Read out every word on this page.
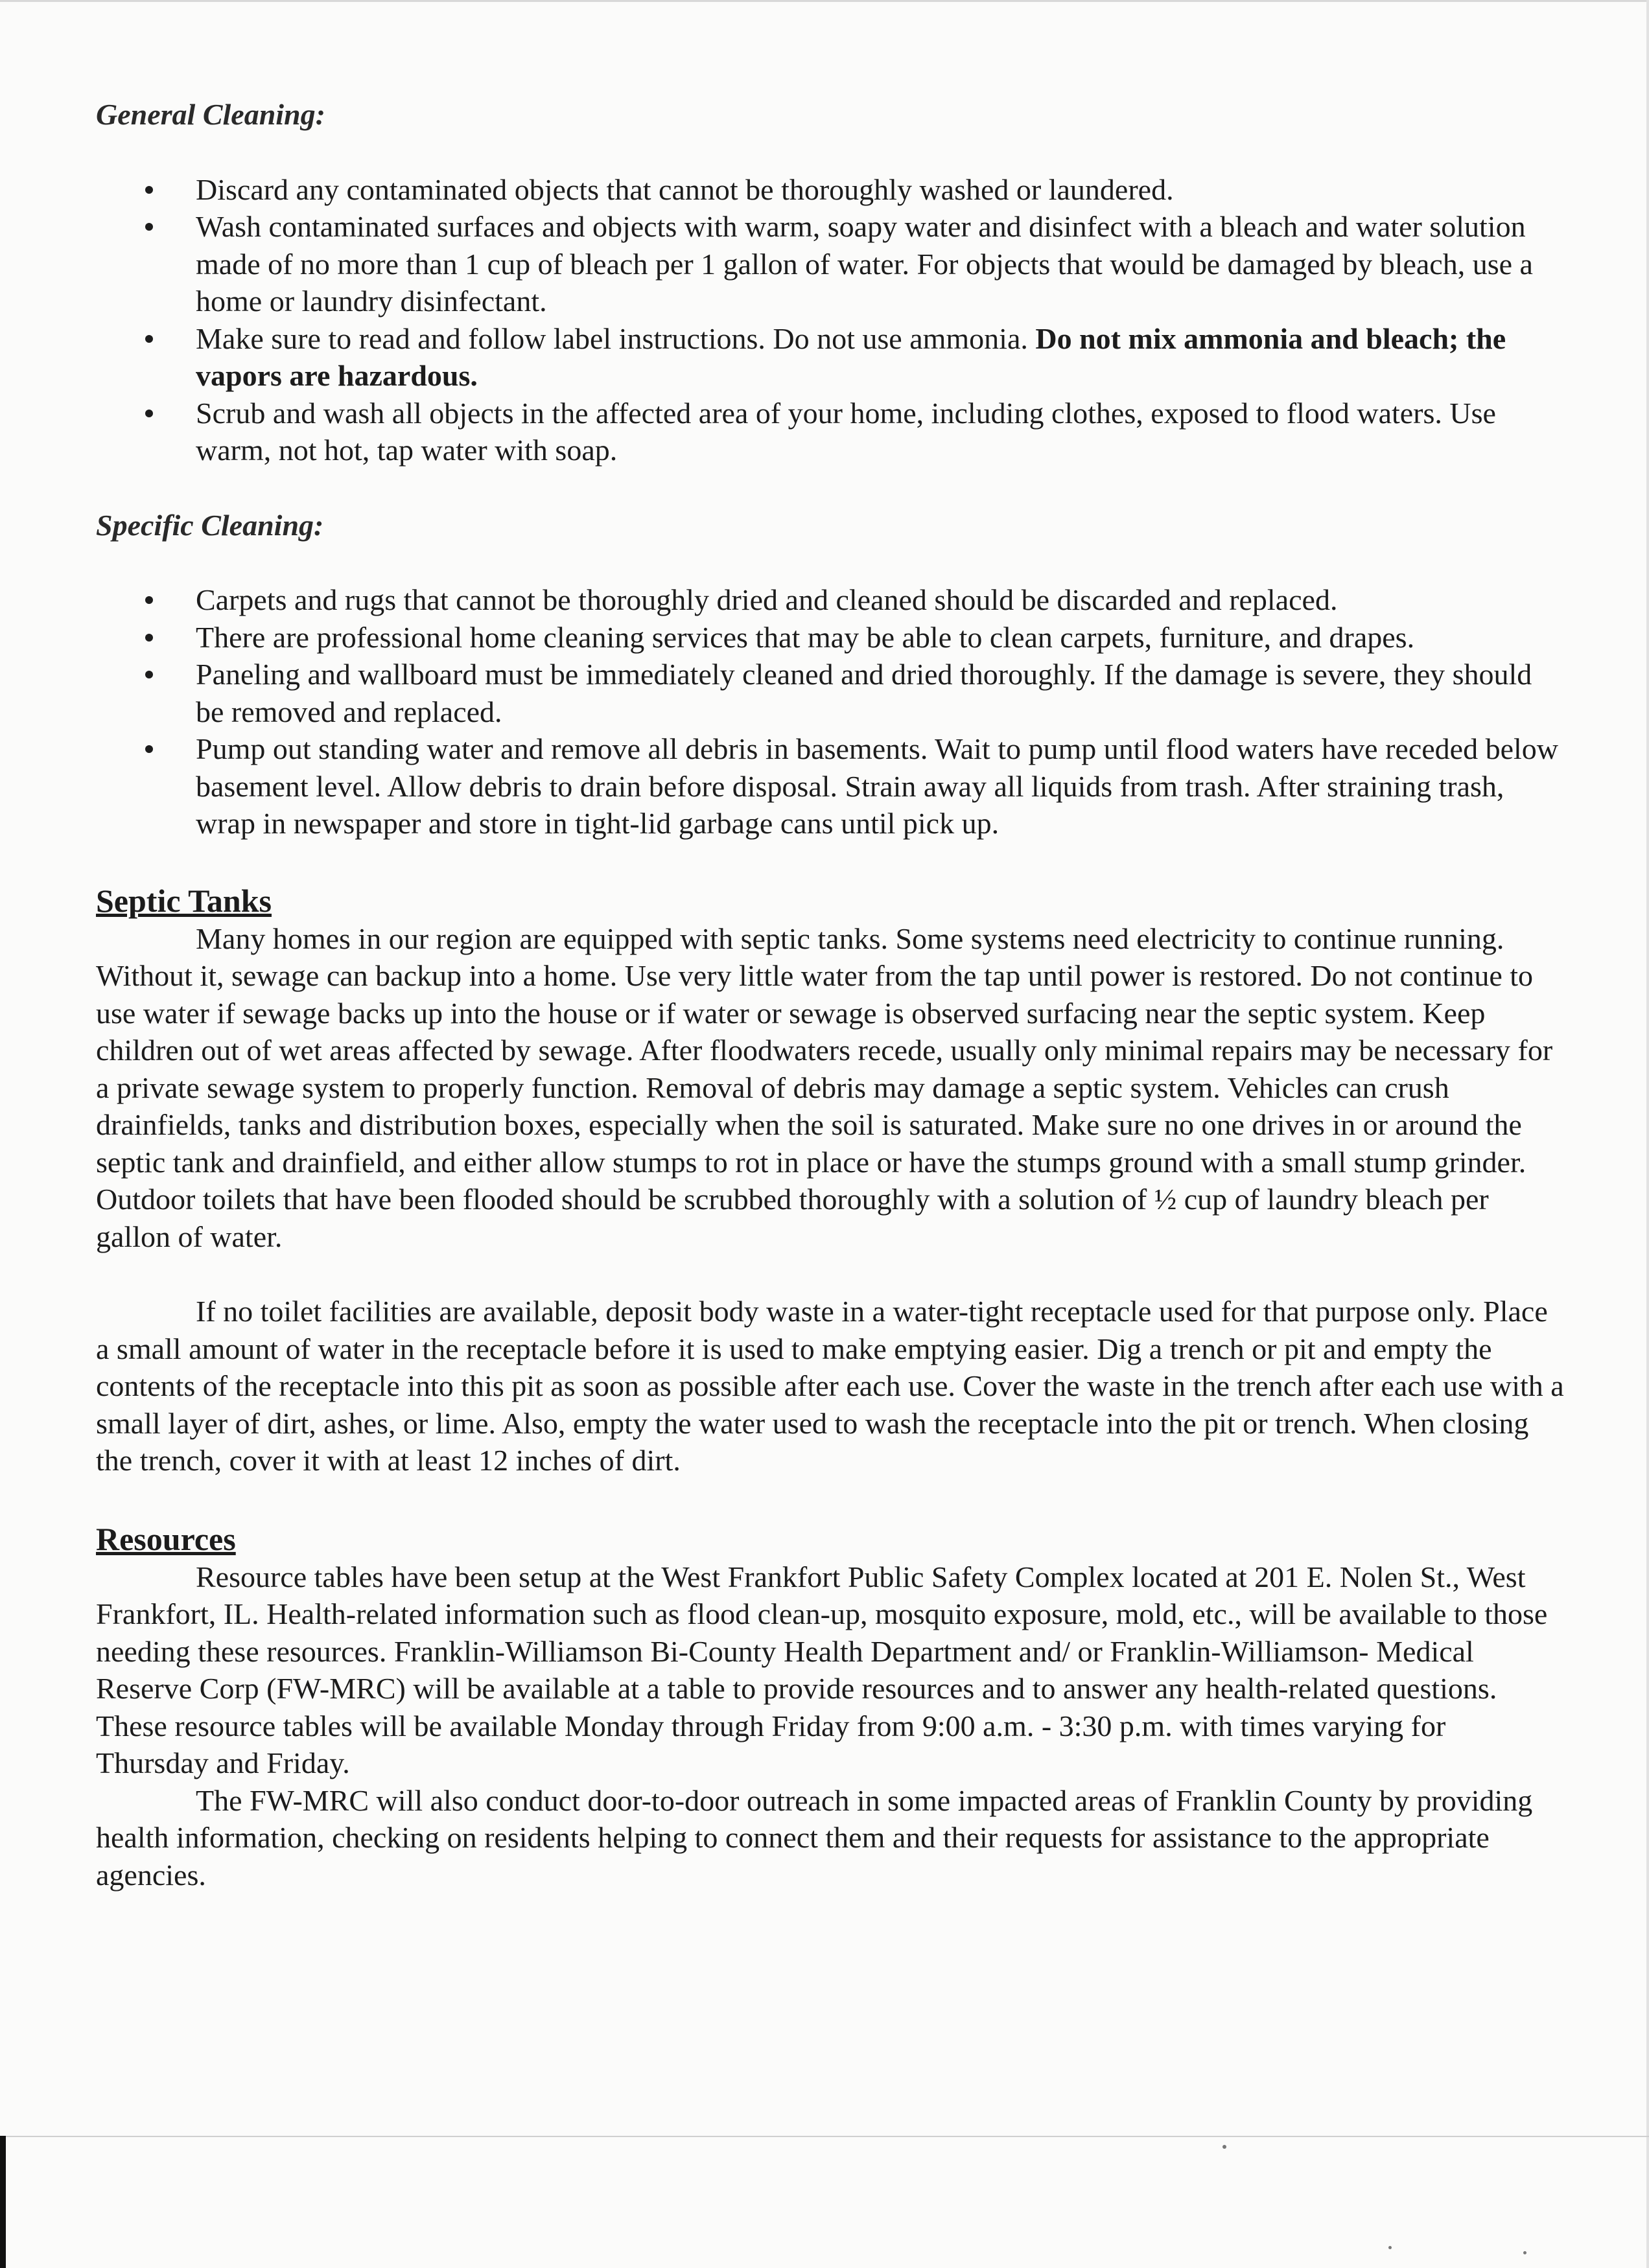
General Cleaning:

Discard any contaminated objects that cannot be thoroughly washed or laundered.
Wash contaminated surfaces and objects with warm, soapy water and disinfect with a bleach and water solution made of no more than 1 cup of bleach per 1 gallon of water. For objects that would be damaged by bleach, use a home or laundry disinfectant.
Make sure to read and follow label instructions. Do not use ammonia. Do not mix ammonia and bleach; the vapors are hazardous.
Scrub and wash all objects in the affected area of your home, including clothes, exposed to flood waters. Use warm, not hot, tap water with soap.

Specific Cleaning:

Carpets and rugs that cannot be thoroughly dried and cleaned should be discarded and replaced.
There are professional home cleaning services that may be able to clean carpets, furniture, and drapes.
Paneling and wallboard must be immediately cleaned and dried thoroughly. If the damage is severe, they should be removed and replaced.
Pump out standing water and remove all debris in basements. Wait to pump until flood waters have receded below basement level. Allow debris to drain before disposal. Strain away all liquids from trash. After straining trash, wrap in newspaper and store in tight-lid garbage cans until pick up.

Septic Tanks

Many homes in our region are equipped with septic tanks. Some systems need electricity to continue running. Without it, sewage can backup into a home. Use very little water from the tap until power is restored. Do not continue to use water if sewage backs up into the house or if water or sewage is observed surfacing near the septic system. Keep children out of wet areas affected by sewage. After floodwaters recede, usually only minimal repairs may be necessary for a private sewage system to properly function. Removal of debris may damage a septic system. Vehicles can crush drainfields, tanks and distribution boxes, especially when the soil is saturated. Make sure no one drives in or around the septic tank and drainfield, and either allow stumps to rot in place or have the stumps ground with a small stump grinder. Outdoor toilets that have been flooded should be scrubbed thoroughly with a solution of ½ cup of laundry bleach per gallon of water.

If no toilet facilities are available, deposit body waste in a water-tight receptacle used for that purpose only. Place a small amount of water in the receptacle before it is used to make emptying easier. Dig a trench or pit and empty the contents of the receptacle into this pit as soon as possible after each use. Cover the waste in the trench after each use with a small layer of dirt, ashes, or lime. Also, empty the water used to wash the receptacle into the pit or trench. When closing the trench, cover it with at least 12 inches of dirt.

Resources

Resource tables have been setup at the West Frankfort Public Safety Complex located at 201 E. Nolen St., West Frankfort, IL. Health-related information such as flood clean-up, mosquito exposure, mold, etc., will be available to those needing these resources. Franklin-Williamson Bi-County Health Department and/ or Franklin-Williamson- Medical Reserve Corp (FW-MRC) will be available at a table to provide resources and to answer any health-related questions. These resource tables will be available Monday through Friday from 9:00 a.m. - 3:30 p.m. with times varying for Thursday and Friday.

The FW-MRC will also conduct door-to-door outreach in some impacted areas of Franklin County by providing health information, checking on residents helping to connect them and their requests for assistance to the appropriate agencies.
